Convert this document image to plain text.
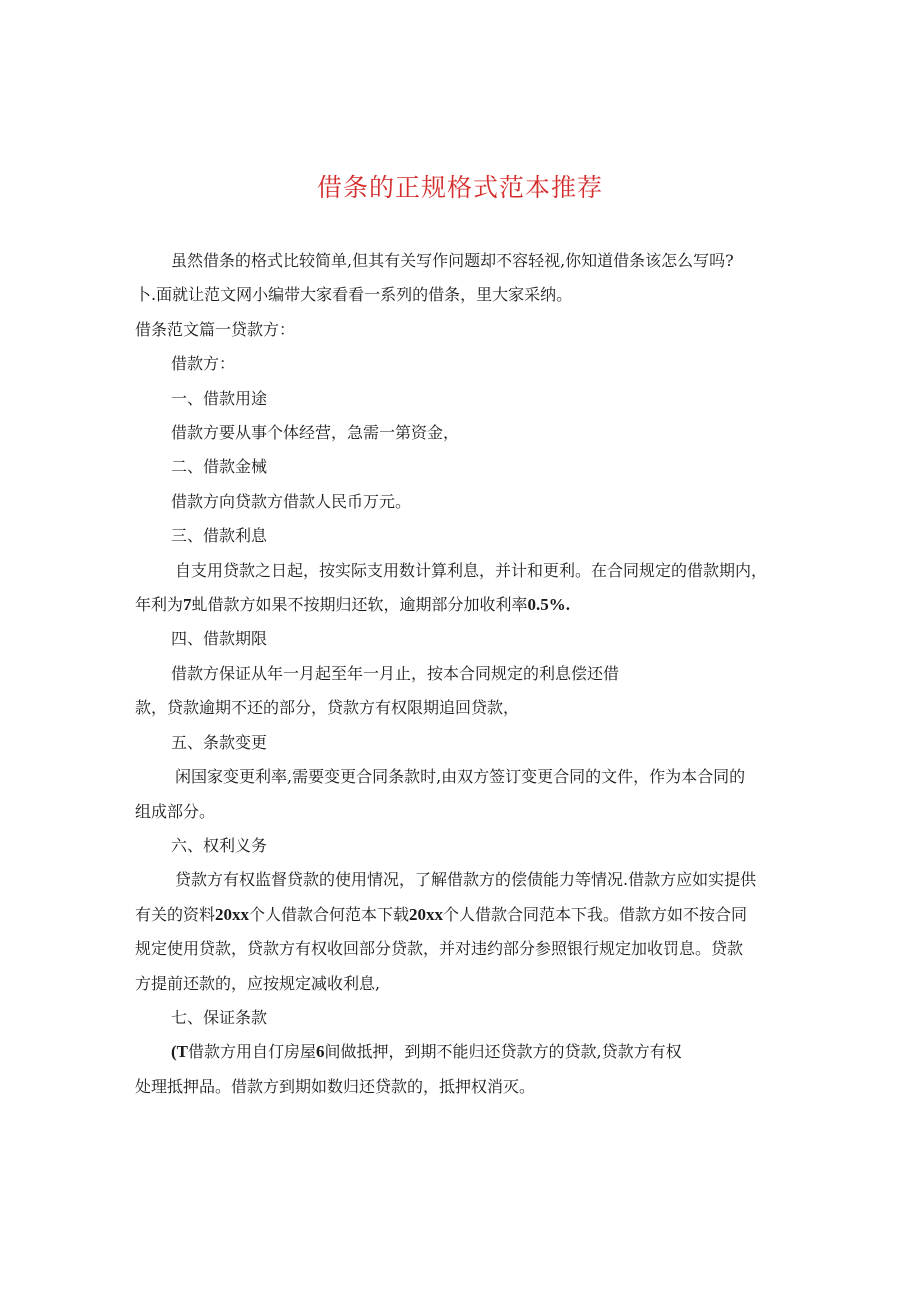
借条的正规格式范本推荐

虽然借条的格式比较简单,但其有关写作问题却不容轻视,你知道借条该怎么写吗?

卜.面就让范文网小编带大家看看一系列的借条，里大家采纳。

借条范文篇一贷款方：

借款方：

一、借款用途

借款方要从事个体经营，急需一第资金，

二、借款金械

借款方向贷款方借款人民币万元。

三、借款利息

自支用贷款之日起，按实际支用数计算利息，并计和更利。在合同规定的借款期内，

年利为7虬借款方如果不按期归还软，逾期部分加收利率0.5%.

四、借款期限

借款方保证从年一月起至年一月止，按本合同规定的利息偿还借

款，贷款逾期不还的部分，贷款方有权限期追回贷款，

五、条款变更

闲国家变更利率,需要变更合同条款时,由双方签订变更合同的文件，作为本合同的

组成部分。

六、权利义务

贷款方有权监督贷款的使用情况，了解借款方的偿债能力等情况.借款方应如实提供

有关的资料20xx个人借款合何范本下载20xx个人借款合同范本下我。借款方如不按合同

规定使用贷款，贷款方有权收回部分贷款，并对违约部分参照银行规定加收罚息。贷款

方提前还款的，应按规定减收利息,

七、保证条款

(T借款方用自仃房屋6间做抵押，到期不能归还贷款方的贷款,贷款方有权

处理抵押品。借款方到期如数归还贷款的，抵押权消灭。
